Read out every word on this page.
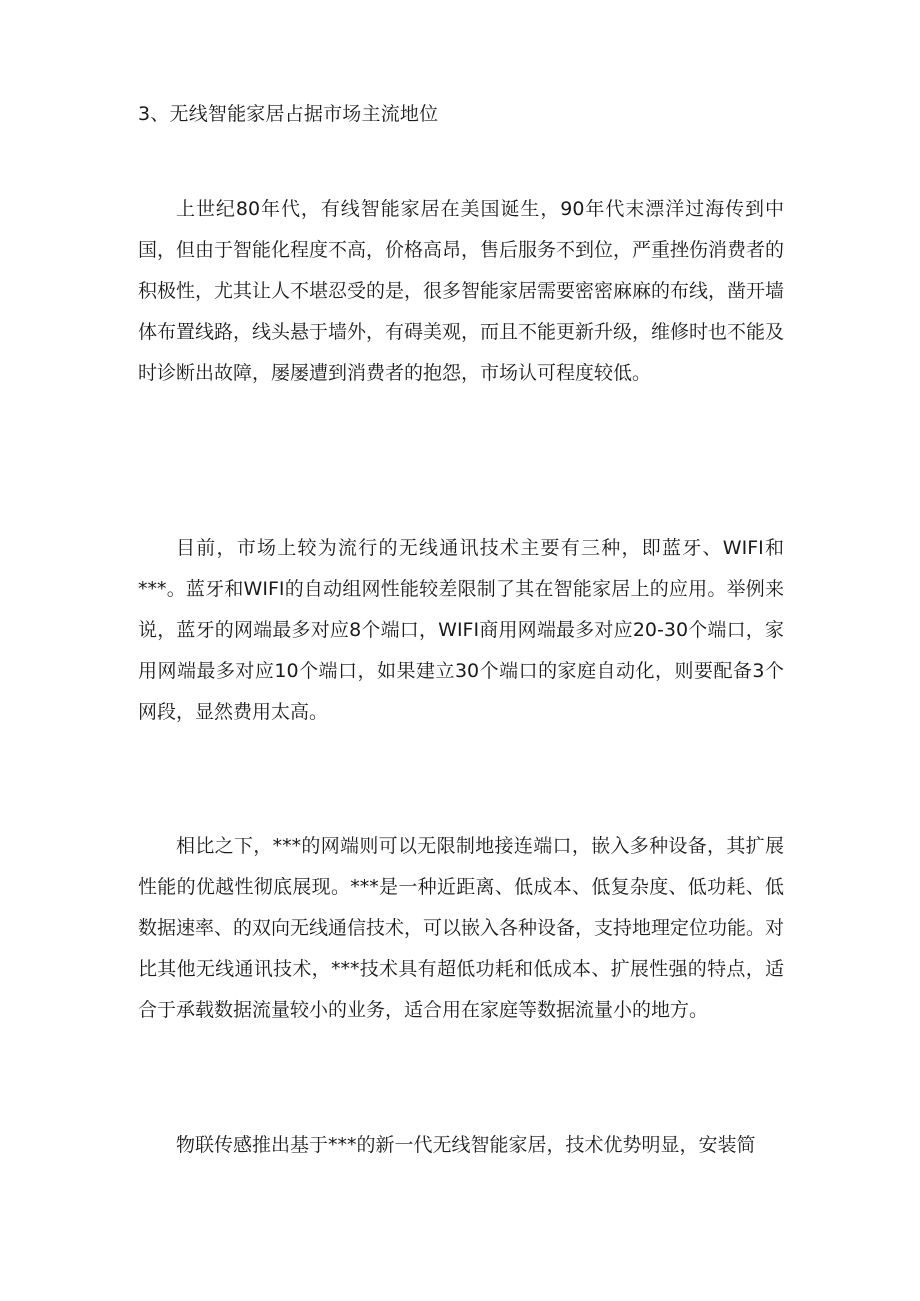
3、无线智能家居占据市场主流地位

上世纪80年代，有线智能家居在美国诞生，90年代末漂洋过海传到中国，但由于智能化程度不高，价格高昂，售后服务不到位，严重挫伤消费者的积极性，尤其让人不堪忍受的是，很多智能家居需要密密麻麻的布线，凿开墙体布置线路，线头悬于墙外，有碍美观，而且不能更新升级，维修时也不能及时诊断出故障，屡屡遭到消费者的抱怨，市场认可程度较低。

目前，市场上较为流行的无线通讯技术主要有三种，即蓝牙、WIFI和***。蓝牙和WIFI的自动组网性能较差限制了其在智能家居上的应用。举例来说，蓝牙的网端最多对应8个端口，WIFI商用网端最多对应20-30个端口，家用网端最多对应10个端口，如果建立30个端口的家庭自动化，则要配备3个网段，显然费用太高。

相比之下，***的网端则可以无限制地接连端口，嵌入多种设备，其扩展性能的优越性彻底展现。***是一种近距离、低成本、低复杂度、低功耗、低数据速率、的双向无线通信技术，可以嵌入各种设备，支持地理定位功能。对比其他无线通讯技术，***技术具有超低功耗和低成本、扩展性强的特点，适合于承载数据流量较小的业务，适合用在家庭等数据流量小的地方。

物联传感推出基于***的新一代无线智能家居，技术优势明显，安装简
